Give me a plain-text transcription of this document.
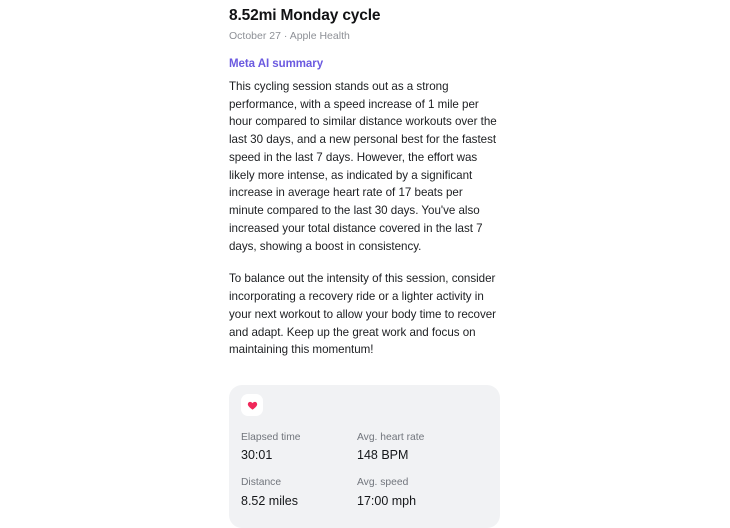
8.52mi Monday cycle
October 27 · Apple Health
Meta AI summary

This cycling session stands out as a strong performance, with a speed increase of 1 mile per hour compared to similar distance workouts over the last 30 days, and a new personal best for the fastest speed in the last 7 days. However, the effort was likely more intense, as indicated by a significant increase in average heart rate of 17 beats per minute compared to the last 30 days. You've also increased your total distance covered in the last 7 days, showing a boost in consistency.

To balance out the intensity of this session, consider incorporating a recovery ride or a lighter activity in your next workout to allow your body time to recover and adapt. Keep up the great work and focus on maintaining this momentum!

Elapsed time
30:01
Avg. heart rate
148 BPM
Distance
8.52 miles
Avg. speed
17:00 mph
